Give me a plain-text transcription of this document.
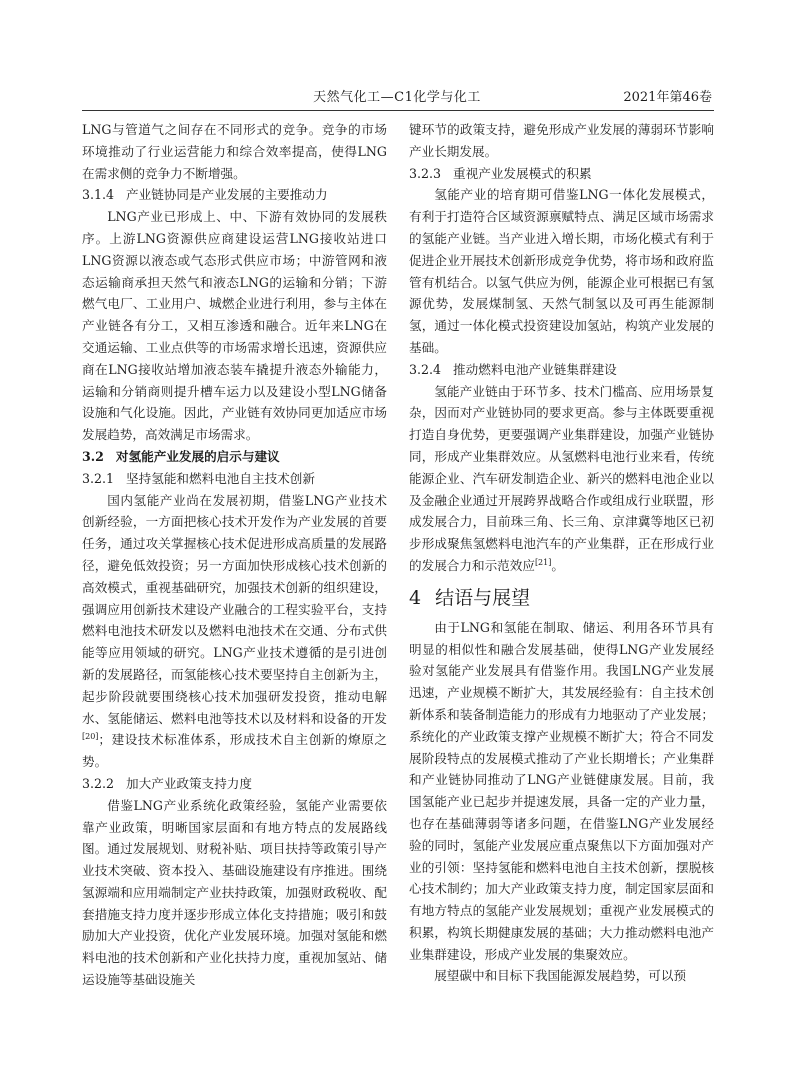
天然气化工—C1化学与化工	2021年第46卷

LNG与管道气之间存在不同形式的竞争。竞争的市场环境推动了行业运营能力和综合效率提高，使得LNG在需求侧的竞争力不断增强。

3.1.4 产业链协同是产业发展的主要推动力

LNG产业已形成上、中、下游有效协同的发展秩序。上游LNG资源供应商建设运营LNG接收站进口LNG资源以液态或气态形式供应市场；中游管网和液态运输商承担天然气和液态LNG的运输和分销；下游燃气电厂、工业用户、城燃企业进行利用，参与主体在产业链各有分工，又相互渗透和融合。近年来LNG在交通运输、工业点供等的市场需求增长迅速，资源供应商在LNG接收站增加液态装车撬提升液态外输能力，运输和分销商则提升槽车运力以及建设小型LNG储备设施和气化设施。因此，产业链有效协同更加适应市场发展趋势，高效满足市场需求。

3.2 对氢能产业发展的启示与建议
3.2.1 坚持氢能和燃料电池自主技术创新

国内氢能产业尚在发展初期，借鉴LNG产业技术创新经验，一方面把核心技术开发作为产业发展的首要任务，通过攻关掌握核心技术促进形成高质量的发展路径，避免低效投资；另一方面加快形成核心技术创新的高效模式，重视基础研究，加强技术创新的组织建设，强调应用创新技术建设产业融合的工程实验平台，支持燃料电池技术研发以及燃料电池技术在交通、分布式供能等应用领域的研究。LNG产业技术遵循的是引进创新的发展路径，而氢能核心技术要坚持自主创新为主，起步阶段就要围绕核心技术加强研发投资，推动电解水、氢能储运、燃料电池等技术以及材料和设备的开发[20]；建设技术标准体系，形成技术自主创新的燎原之势。

3.2.2 加大产业政策支持力度

借鉴LNG产业系统化政策经验，氢能产业需要依靠产业政策，明晰国家层面和有地方特点的发展路线图。通过发展规划、财税补贴、项目扶持等政策引导产业技术突破、资本投入、基础设施建设有序推进。围绕氢源端和应用端制定产业扶持政策，加强财政税收、配套措施支持力度并逐步形成立体化支持措施；吸引和鼓励加大产业投资，优化产业发展环境。加强对氢能和燃料电池的技术创新和产业化扶持力度，重视加氢站、储运设施等基础设施关

键环节的政策支持，避免形成产业发展的薄弱环节影响产业长期发展。

3.2.3 重视产业发展模式的积累

氢能产业的培育期可借鉴LNG一体化发展模式，有利于打造符合区域资源禀赋特点、满足区域市场需求的氢能产业链。当产业进入增长期，市场化模式有利于促进企业开展技术创新形成竞争优势，将市场和政府监管有机结合。以氢气供应为例，能源企业可根据已有氢源优势，发展煤制氢、天然气制氢以及可再生能源制氢，通过一体化模式投资建设加氢站，构筑产业发展的基础。

3.2.4 推动燃料电池产业链集群建设

氢能产业链由于环节多、技术门槛高、应用场景复杂，因而对产业链协同的要求更高。参与主体既要重视打造自身优势，更要强调产业集群建设，加强产业链协同，形成产业集群效应。从氢燃料电池行业来看，传统能源企业、汽车研发制造企业、新兴的燃料电池企业以及金融企业通过开展跨界战略合作或组成行业联盟，形成发展合力，目前珠三角、长三角、京津冀等地区已初步形成聚焦氢燃料电池汽车的产业集群，正在形成行业的发展合力和示范效应[21]。

4 结语与展望

由于LNG和氢能在制取、储运、利用各环节具有明显的相似性和融合发展基础，使得LNG产业发展经验对氢能产业发展具有借鉴作用。我国LNG产业发展迅速，产业规模不断扩大，其发展经验有：自主技术创新体系和装备制造能力的形成有力地驱动了产业发展；系统化的产业政策支撑产业规模不断扩大；符合不同发展阶段特点的发展模式推动了产业长期增长；产业集群和产业链协同推动了LNG产业链健康发展。目前，我国氢能产业已起步并提速发展，具备一定的产业力量，也存在基础薄弱等诸多问题，在借鉴LNG产业发展经验的同时，氢能产业发展应重点聚焦以下方面加强对产业的引领：坚持氢能和燃料电池自主技术创新，摆脱核心技术制约；加大产业政策支持力度，制定国家层面和有地方特点的氢能产业发展规划；重视产业发展模式的积累，构筑长期健康发展的基础；大力推动燃料电池产业集群建设，形成产业发展的集聚效应。

展望碳中和目标下我国能源发展趋势，可以预
